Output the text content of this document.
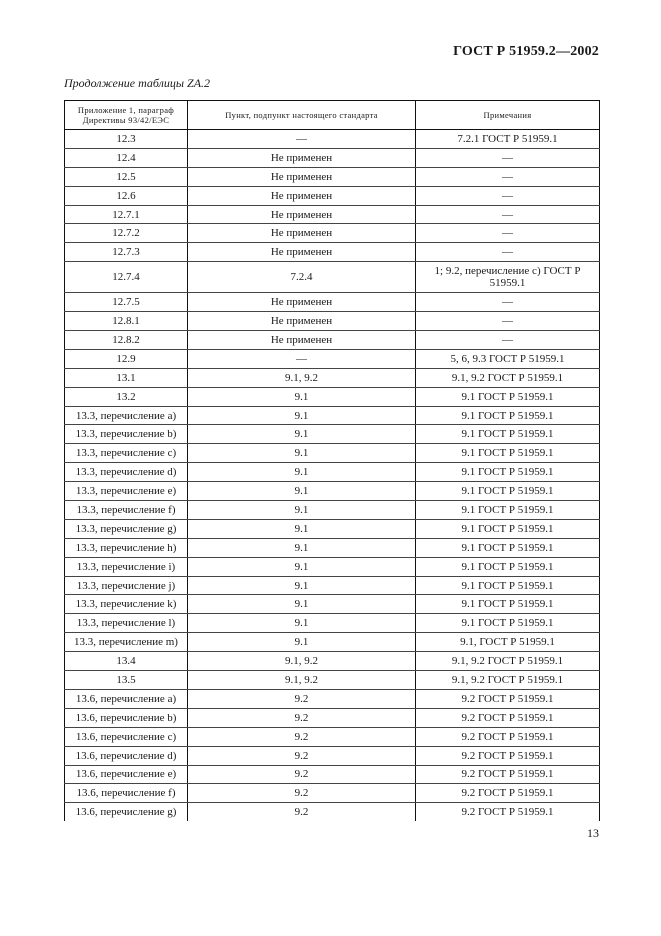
ГОСТ Р 51959.2—2002
Продолжение таблицы ZA.2
Приложение 1, параграф Директивы 93/42/ЕЭС	Пункт, подпункт настоящего стандарта	Примечания
12.3	—	7.2.1 ГОСТ Р 51959.1
12.4	Не применен	—
12.5	Не применен	—
12.6	Не применен	—
12.7.1	Не применен	—
12.7.2	Не применен	—
12.7.3	Не применен	—
12.7.4	7.2.4	1; 9.2, перечисление с) ГОСТ Р 51959.1
12.7.5	Не применен	—
12.8.1	Не применен	—
12.8.2	Не применен	—
12.9	—	5, 6, 9.3 ГОСТ Р 51959.1
13.1	9.1, 9.2	9.1, 9.2 ГОСТ Р 51959.1
13.2	9.1	9.1 ГОСТ Р 51959.1
13.3, перечисление а)	9.1	9.1 ГОСТ Р 51959.1
13.3, перечисление b)	9.1	9.1 ГОСТ Р 51959.1
13.3, перечисление с)	9.1	9.1 ГОСТ Р 51959.1
13.3, перечисление d)	9.1	9.1 ГОСТ Р 51959.1
13.3, перечисление е)	9.1	9.1 ГОСТ Р 51959.1
13.3, перечисление f)	9.1	9.1 ГОСТ Р 51959.1
13.3, перечисление g)	9.1	9.1 ГОСТ Р 51959.1
13.3, перечисление h)	9.1	9.1 ГОСТ Р 51959.1
13.3, перечисление i)	9.1	9.1 ГОСТ Р 51959.1
13.3, перечисление j)	9.1	9.1 ГОСТ Р 51959.1
13.3, перечисление k)	9.1	9.1 ГОСТ Р 51959.1
13.3, перечисление l)	9.1	9.1 ГОСТ Р 51959.1
13.3, перечисление m)	9.1	9.1, ГОСТ Р 51959.1
13.4	9.1, 9.2	9.1, 9.2 ГОСТ Р 51959.1
13.5	9.1, 9.2	9.1, 9.2 ГОСТ Р 51959.1
13.6, перечисление а)	9.2	9.2 ГОСТ Р 51959.1
13.6, перечисление b)	9.2	9.2 ГОСТ Р 51959.1
13.6, перечисление с)	9.2	9.2 ГОСТ Р 51959.1
13.6, перечисление d)	9.2	9.2 ГОСТ Р 51959.1
13.6, перечисление е)	9.2	9.2 ГОСТ Р 51959.1
13.6, перечисление f)	9.2	9.2 ГОСТ Р 51959.1
13.6, перечисление g)	9.2	9.2 ГОСТ Р 51959.1
13
